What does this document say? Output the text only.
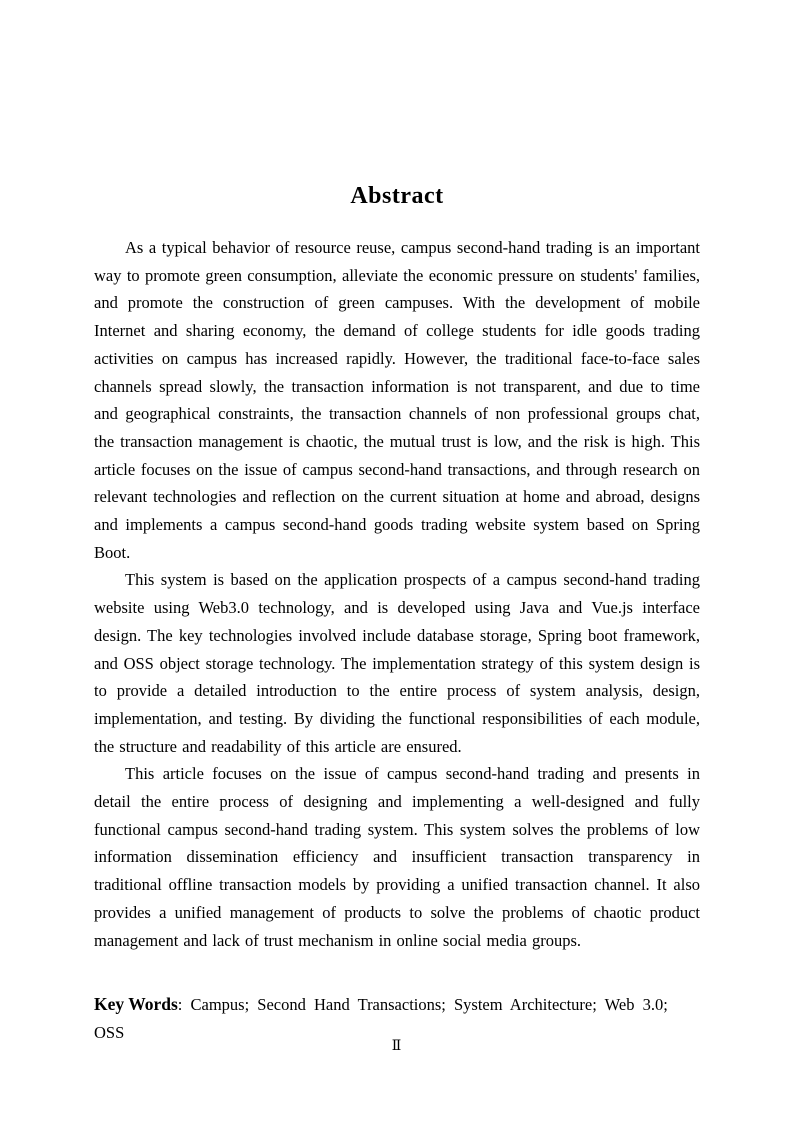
Abstract

As a typical behavior of resource reuse, campus second-hand trading is an important way to promote green consumption, alleviate the economic pressure on students' families, and promote the construction of green campuses. With the development of mobile Internet and sharing economy, the demand of college students for idle goods trading activities on campus has increased rapidly. However, the traditional face-to-face sales channels spread slowly, the transaction information is not transparent, and due to time and geographical constraints, the transaction channels of non professional groups chat, the transaction management is chaotic, the mutual trust is low, and the risk is high. This article focuses on the issue of campus second-hand transactions, and through research on relevant technologies and reflection on the current situation at home and abroad, designs and implements a campus second-hand goods trading website system based on Spring Boot.

This system is based on the application prospects of a campus second-hand trading website using Web3.0 technology, and is developed using Java and Vue.js interface design. The key technologies involved include database storage, Spring boot framework, and OSS object storage technology. The implementation strategy of this system design is to provide a detailed introduction to the entire process of system analysis, design, implementation, and testing. By dividing the functional responsibilities of each module, the structure and readability of this article are ensured.

This article focuses on the issue of campus second-hand trading and presents in detail the entire process of designing and implementing a well-designed and fully functional campus second-hand trading system. This system solves the problems of low information dissemination efficiency and insufficient transaction transparency in traditional offline transaction models by providing a unified transaction channel. It also provides a unified management of products to solve the problems of chaotic product management and lack of trust mechanism in online social media groups.

Key Words: Campus; Second Hand Transactions; System Architecture; Web 3.0; OSS

Ⅱ
